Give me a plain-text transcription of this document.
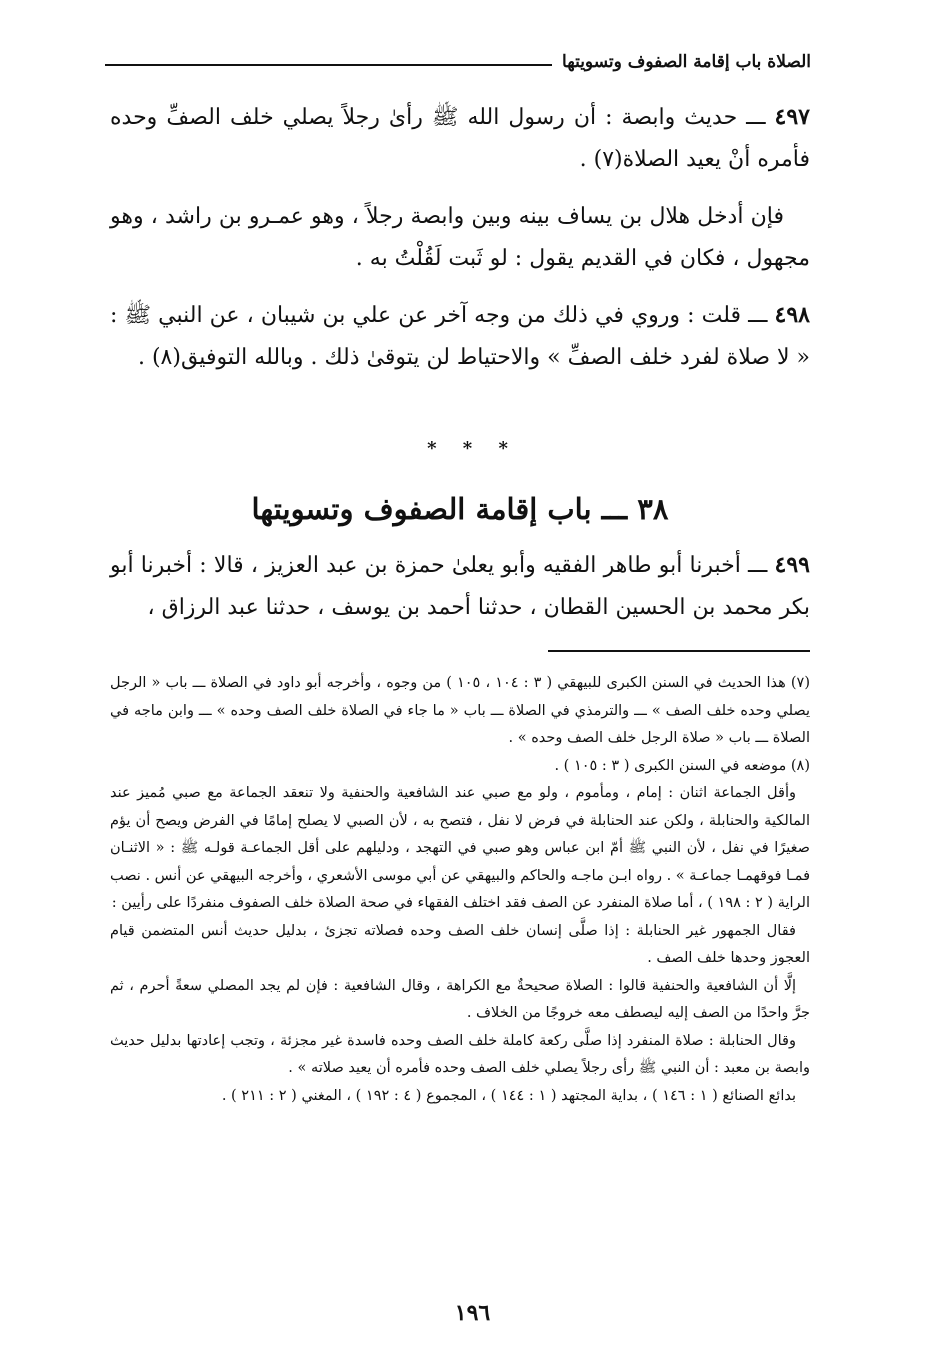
الصلاة باب إقامة الصفوف وتسويتها
٤٩٧ ـــ حديث وابصة : أن رسول الله ﷺ رأىٰ رجلاً يصلي خلف الصفِّ وحده فأمره أنْ يعيد الصلاة(٧) .
فإن أدخل هلال بن يساف بينه وبين وابصة رجلاً ، وهو عمـرو بن راشد ، وهو مجهول ، فكان في القديم يقول : لو ثَبت لَقُلْتُ به .
٤٩٨ ـــ قلت : وروي في ذلك من وجه آخر عن علي بن شيبان ، عن النبي ﷺ : « لا صلاة لفرد خلف الصفِّ » والاحتياط لن يتوقىٰ ذلك . وبالله التوفيق(٨) .
* * *
٣٨ ـــ باب إقامة الصفوف وتسويتها
٤٩٩ ـــ أخبرنا أبو طاهر الفقيه وأبو يعلىٰ حمزة بن عبد العزيز ، قالا : أخبرنا أبو بكر محمد بن الحسين القطان ، حدثنا أحمد بن يوسف ، حدثنا عبد الرزاق ،

(٧) هذا الحديث في السنن الكبرى للبيهقي ( ٣ : ١٠٤ ، ١٠٥ ) من وجوه ، وأخرجه أبو داود في الصلاة ـــ باب « الرجل يصلي وحده خلف الصف » ـــ والترمذي في الصلاة ـــ باب « ما جاء في الصلاة خلف الصف وحده » ـــ وابن ماجه في الصلاة ـــ باب « صلاة الرجل خلف الصف وحده » .

(٨) موضعه في السنن الكبرى ( ٣ : ١٠٥ ) .

وأقل الجماعة اثنان : إمام ، ومأموم ، ولو مع صبي عند الشافعية والحنفية ولا تنعقد الجماعة مع صبي مُميز عند المالكية والحنابلة ، ولكن عند الحنابلة في فرض لا نفل ، فتصح به ، لأن الصبي لا يصلح إمامًا في الفرض ويصح أن يؤم صغيرًا في نفل ، لأن النبي ﷺ أمّ ابن عباس وهو صبي في التهجد ، ودليلهم على أقل الجماعـة قولـه ﷺ : « الاثنـان فمـا فوقهمـا جماعـة » . رواه ابـن ماجـه والحاكم والبيهقي عن أبي موسى الأشعري ، وأخرجه البيهقي عن أنس . نصب الراية ( ٢ : ١٩٨ ) ، أما صلاة المنفرد عن الصف فقد اختلف الفقهاء في صحة الصلاة خلف الصفوف منفردًا على رأيين :

فقال الجمهور غير الحنابلة : إذا صلَّى إنسان خلف الصف وحده فصلاته تجزئ ، بدليل حديث أنس المتضمن قيام العجوز وحدها خلف الصف .

إلَّا أن الشافعية والحنفية قالوا : الصلاة صحيحةٌ مع الكراهة ، وقال الشافعية : فإن لم يجد المصلي سعةً أحرم ، ثم جرَّ واحدًا من الصف إليه ليصطف معه خروجًا من الخلاف .

وقال الحنابلة : صلاة المنفرد إذا صلَّى ركعة كاملة خلف الصف وحده فاسدة غير مجزئة ، وتجب إعادتها بدليل حديث وابصة بن معبد : أن النبي ﷺ رأى رجلاً يصلي خلف الصف وحده فأمره أن يعيد صلاته » .

بدائع الصنائع ( ١ : ١٤٦ ) ، بداية المجتهد ( ١ : ١٤٤ ) ، المجموع ( ٤ : ١٩٢ ) ، المغني ( ٢ : ٢١١ ) .

١٩٦
